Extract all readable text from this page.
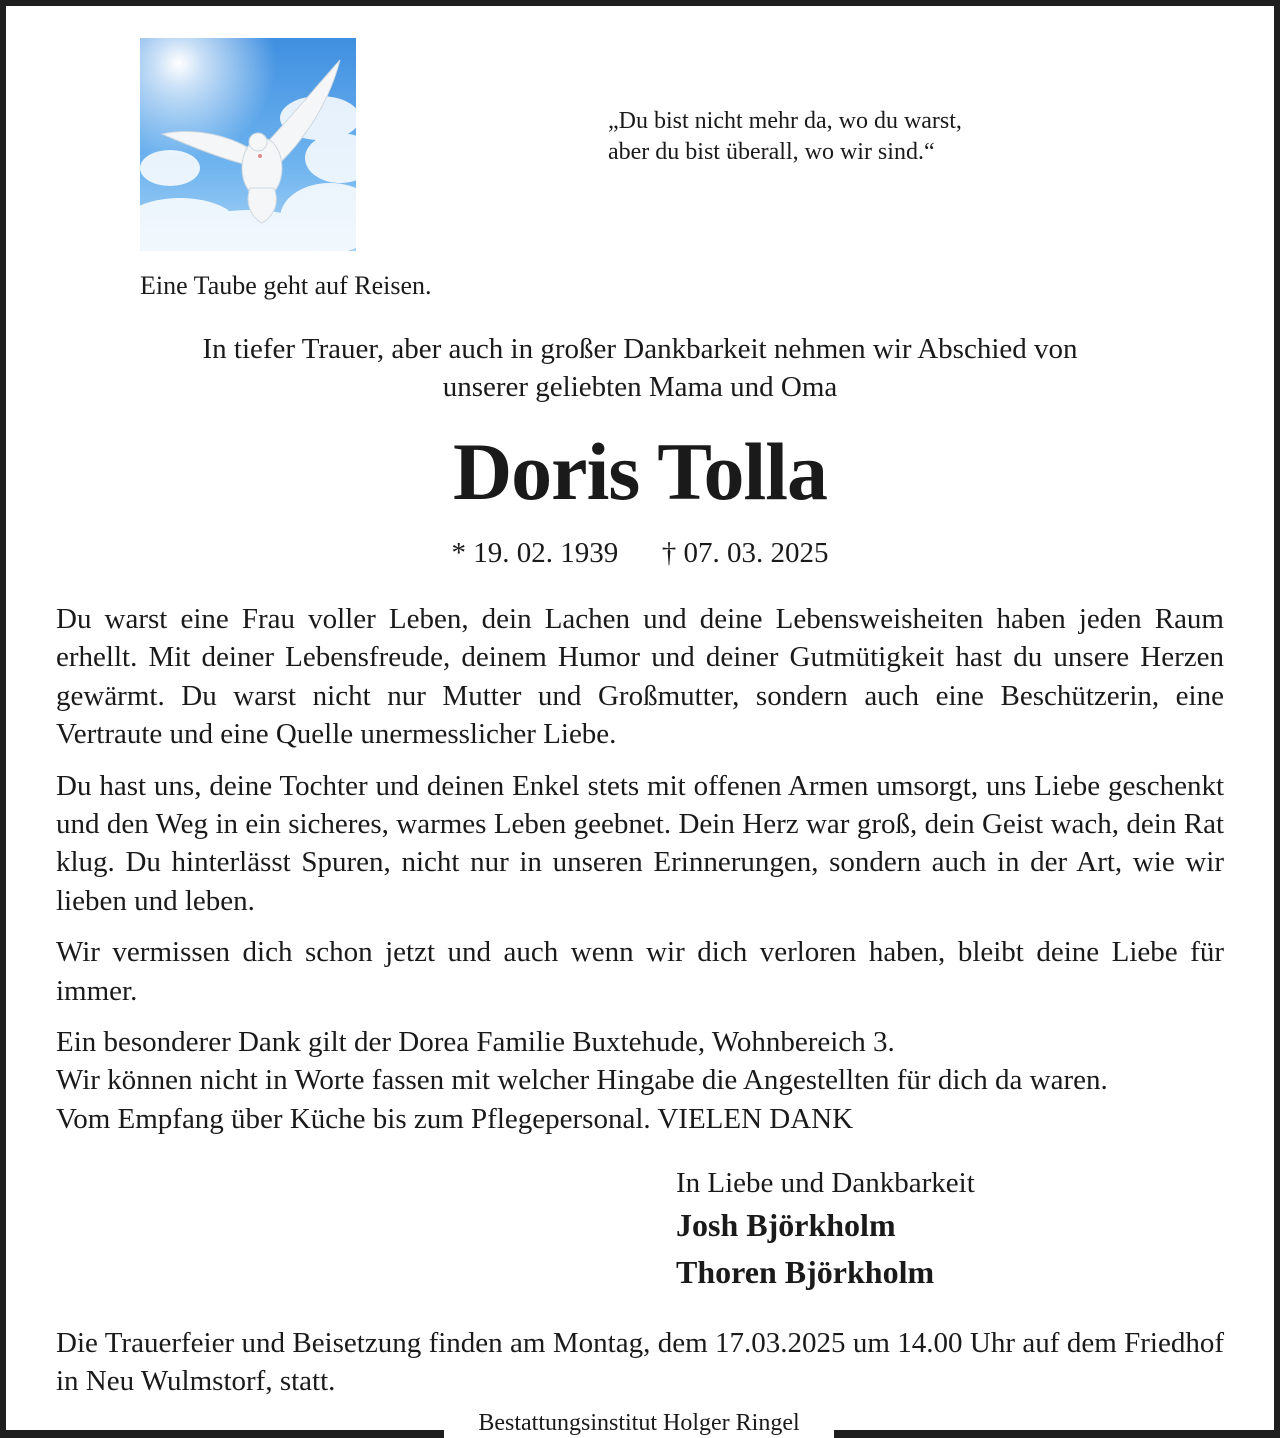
Eine Taube geht auf Reisen.
„Du bist nicht mehr da, wo du warst,
aber du bist überall, wo wir sind.“
In tiefer Trauer, aber auch in großer Dankbarkeit nehmen wir Abschied von
unserer geliebten Mama und Oma
Doris Tolla
* 19. 02. 1939 † 07. 03. 2025

Du warst eine Frau voller Leben, dein Lachen und deine Lebensweisheiten haben jeden Raum erhellt. Mit deiner Lebensfreude, deinem Humor und deiner Gutmütigkeit hast du unsere Herzen gewärmt. Du warst nicht nur Mutter und Großmutter, sondern auch eine Beschützerin, eine Vertraute und eine Quelle unermesslicher Liebe.

Du hast uns, deine Tochter und deinen Enkel stets mit offenen Armen umsorgt, uns Liebe geschenkt und den Weg in ein sicheres, warmes Leben geebnet. Dein Herz war groß, dein Geist wach, dein Rat klug. Du hinterlässt Spuren, nicht nur in unseren Erinnerungen, sondern auch in der Art, wie wir lieben und leben.

Wir vermissen dich schon jetzt und auch wenn wir dich verloren haben, bleibt deine Liebe für immer.

Ein besonderer Dank gilt der Dorea Familie Buxtehude, Wohnbereich 3.
Wir können nicht in Worte fassen mit welcher Hingabe die Angestellten für dich da waren.
Vom Empfang über Küche bis zum Pflegepersonal. VIELEN DANK

In Liebe und Dankbarkeit
Josh Björkholm
Thoren Björkholm
Die Trauerfeier und Beisetzung finden am Montag, dem 17.03.2025 um 14.00 Uhr auf dem Friedhof in Neu Wulmstorf, statt.
Bestattungsinstitut Holger Ringel
